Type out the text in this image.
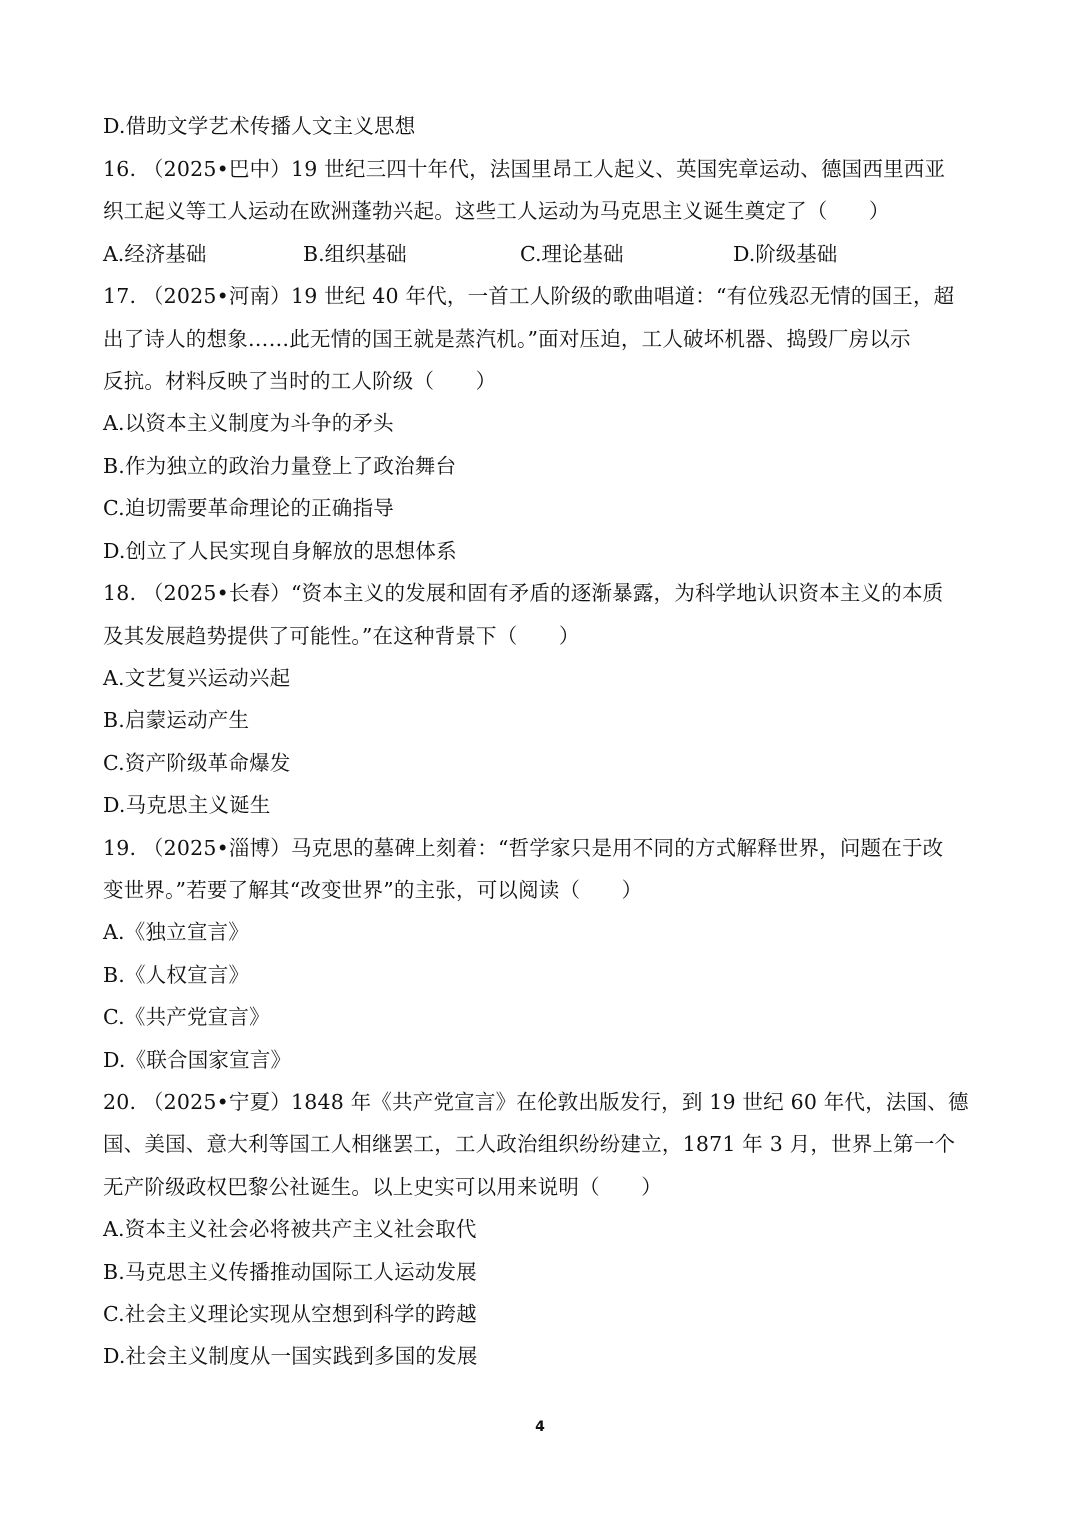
D.借助文学艺术传播人文主义思想
16. （2025•巴中）19 世纪三四十年代，法国里昂工人起义、英国宪章运动、德国西里西亚
织工起义等工人运动在欧洲蓬勃兴起。这些工人运动为马克思主义诞生奠定了（　　）
A.经济基础	B.组织基础	C.理论基础	D.阶级基础
17. （2025•河南）19 世纪 40 年代，一首工人阶级的歌曲唱道：“有位残忍无情的国王，超
出了诗人的想象……此无情的国王就是蒸汽机。”面对压迫，工人破坏机器、捣毁厂房以示
反抗。材料反映了当时的工人阶级（　　）
A.以资本主义制度为斗争的矛头
B.作为独立的政治力量登上了政治舞台
C.迫切需要革命理论的正确指导
D.创立了人民实现自身解放的思想体系
18. （2025•长春）“资本主义的发展和固有矛盾的逐渐暴露，为科学地认识资本主义的本质
及其发展趋势提供了可能性。”在这种背景下（　　）
A.文艺复兴运动兴起
B.启蒙运动产生
C.资产阶级革命爆发
D.马克思主义诞生
19. （2025•淄博）马克思的墓碑上刻着：“哲学家只是用不同的方式解释世界，问题在于改
变世界。”若要了解其“改变世界”的主张，可以阅读（　　）
A.《独立宣言》
B.《人权宣言》
C.《共产党宣言》
D.《联合国家宣言》
20. （2025•宁夏）1848 年《共产党宣言》在伦敦出版发行，到 19 世纪 60 年代，法国、德
国、美国、意大利等国工人相继罢工，工人政治组织纷纷建立，1871 年 3 月，世界上第一个
无产阶级政权巴黎公社诞生。以上史实可以用来说明（　　）
A.资本主义社会必将被共产主义社会取代
B.马克思主义传播推动国际工人运动发展
C.社会主义理论实现从空想到科学的跨越
D.社会主义制度从一国实践到多国的发展
4
